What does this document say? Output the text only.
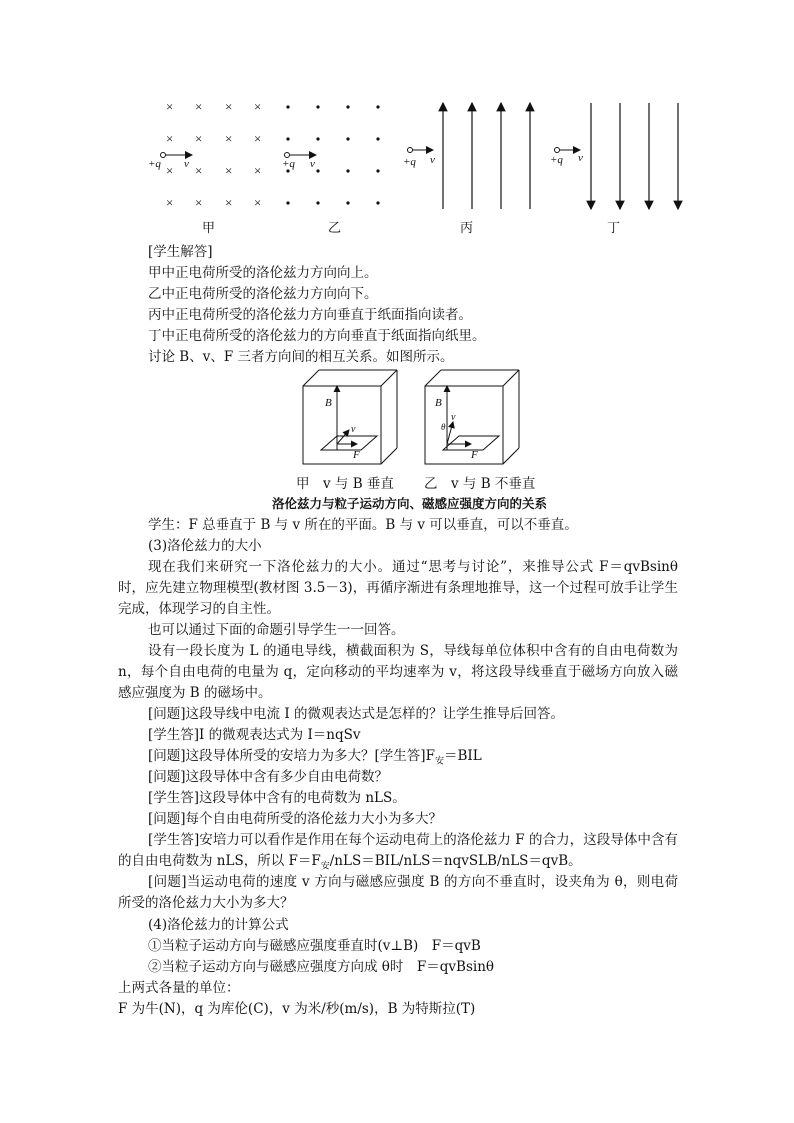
× × × ×
× × × ×
× × × ×
× × × ×
+q v	+q v	+q v	+q v
甲	乙	丙	丁
[学生解答]
甲中正电荷所受的洛伦兹力方向向上。
乙中正电荷所受的洛伦兹力方向向下。
丙中正电荷所受的洛伦兹力方向垂直于纸面指向读者。
丁中正电荷所受的洛伦兹力的方向垂直于纸面指向纸里。
讨论 B、v、F 三者方向间的相互关系。如图所示。
B
F
v
B
F
v
θ
甲　v 与 B 垂直 乙　v 与 B 不垂直
洛伦兹力与粒子运动方向、磁感应强度方向的关系
学生：F 总垂直于 B 与 v 所在的平面。B 与 v 可以垂直，可以不垂直。
(3)洛伦兹力的大小
现在我们来研究一下洛伦兹力的大小。通过“思考与讨论”，来推导公式 F＝qvBsinθ 时，应先建立物理模型(教材图 3.5－3)，再循序渐进有条理地推导，这一个过程可放手让学生完成，体现学习的自主性。
也可以通过下面的命题引导学生一一回答。
设有一段长度为 L 的通电导线，横截面积为 S，导线每单位体积中含有的自由电荷数为 n，每个自由电荷的电量为 q，定向移动的平均速率为 v，将这段导线垂直于磁场方向放入磁感应强度为 B 的磁场中。
[问题]这段导线中电流 I 的微观表达式是怎样的？让学生推导后回答。
[学生答]I 的微观表达式为 I＝nqSv
[问题]这段导体所受的安培力为多大？[学生答]$F_安=BIL$
[问题]这段导体中含有多少自由电荷数？
[学生答]这段导体中含有的电荷数为 nLS。
[问题]每个自由电荷所受的洛伦兹力大小为多大？
[学生答]安培力可以看作是作用在每个运动电荷上的洛伦兹力 F 的合力，这段导体中含有的自由电荷数为 nLS，所以 $F=F_安/nLS=BIL/nLS=nqvSLB/nLS=qvB$。
[问题]当运动电荷的速度 v 方向与磁感应强度 B 的方向不垂直时，设夹角为 θ，则电荷所受的洛伦兹力大小为多大？
(4)洛伦兹力的计算公式
①当粒子运动方向与磁感应强度垂直时(v⊥B)　F＝qvB
②当粒子运动方向与磁感应强度方向成 θ时　F＝qvBsinθ
上两式各量的单位：
F 为牛(N)，q 为库伦(C)，v 为米/秒(m/s)，B 为特斯拉(T)
